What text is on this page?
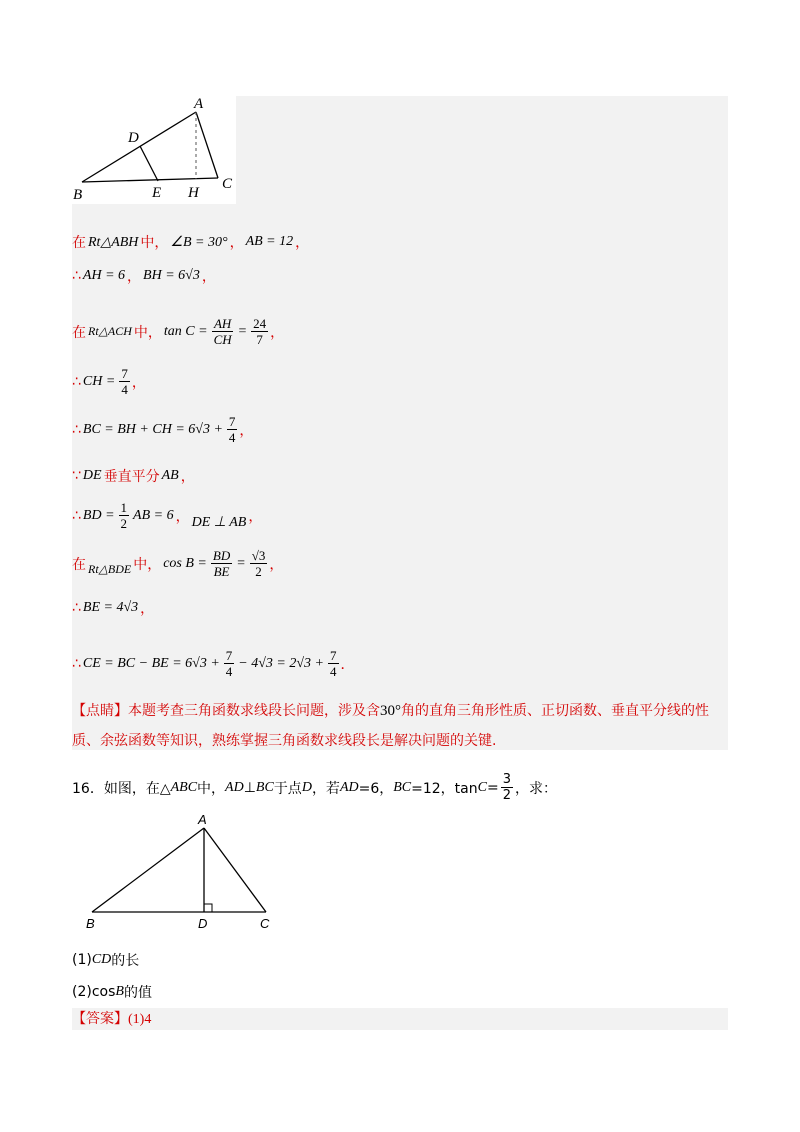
A
B
C
D
E H
在 Rt△ABH 中， ∠B = 30° ， AB = 12 ，
∴ AH = 6 ， BH = 6√3 ，
在 Rt△ACH 中， $\tan C = \frac{AH}{CH} = \frac{24}{7}$ ，
∴ CH = $\frac{7}{4}$ ，
∴ BC = BH + CH = $6√3 + \frac{7}{4}$ ，
∵ DE 垂直平分 AB ，
∴ BD = $\frac{1}{2}$ AB = 6 ， DE ⊥ AB ，
在 Rt△BDE 中， $\cos B = \frac{BD}{BE} = \frac{√3}{2}$ ，
∴ BE = 4√3 ，
∴ CE = BC − BE = $6√3 + \frac{7}{4} - 4√3 = 2√3 + \frac{7}{4}$ ．
【点睛】本题考查三角函数求线段长问题，涉及含30°角的直角三角形性质、正切函数、垂直平分线的性质、余弦函数等知识，熟练掌握三角函数求线段长是解决问题的关键.
16．如图，在△ ABC 中， AD ⊥ BC 于点 D ，若 AD =6， BC =12，$\tan C = \frac{3}{2}$ ，求：
A
B	D	C
(1) CD 的长
(2)cos B 的值
【答案】(1)4
